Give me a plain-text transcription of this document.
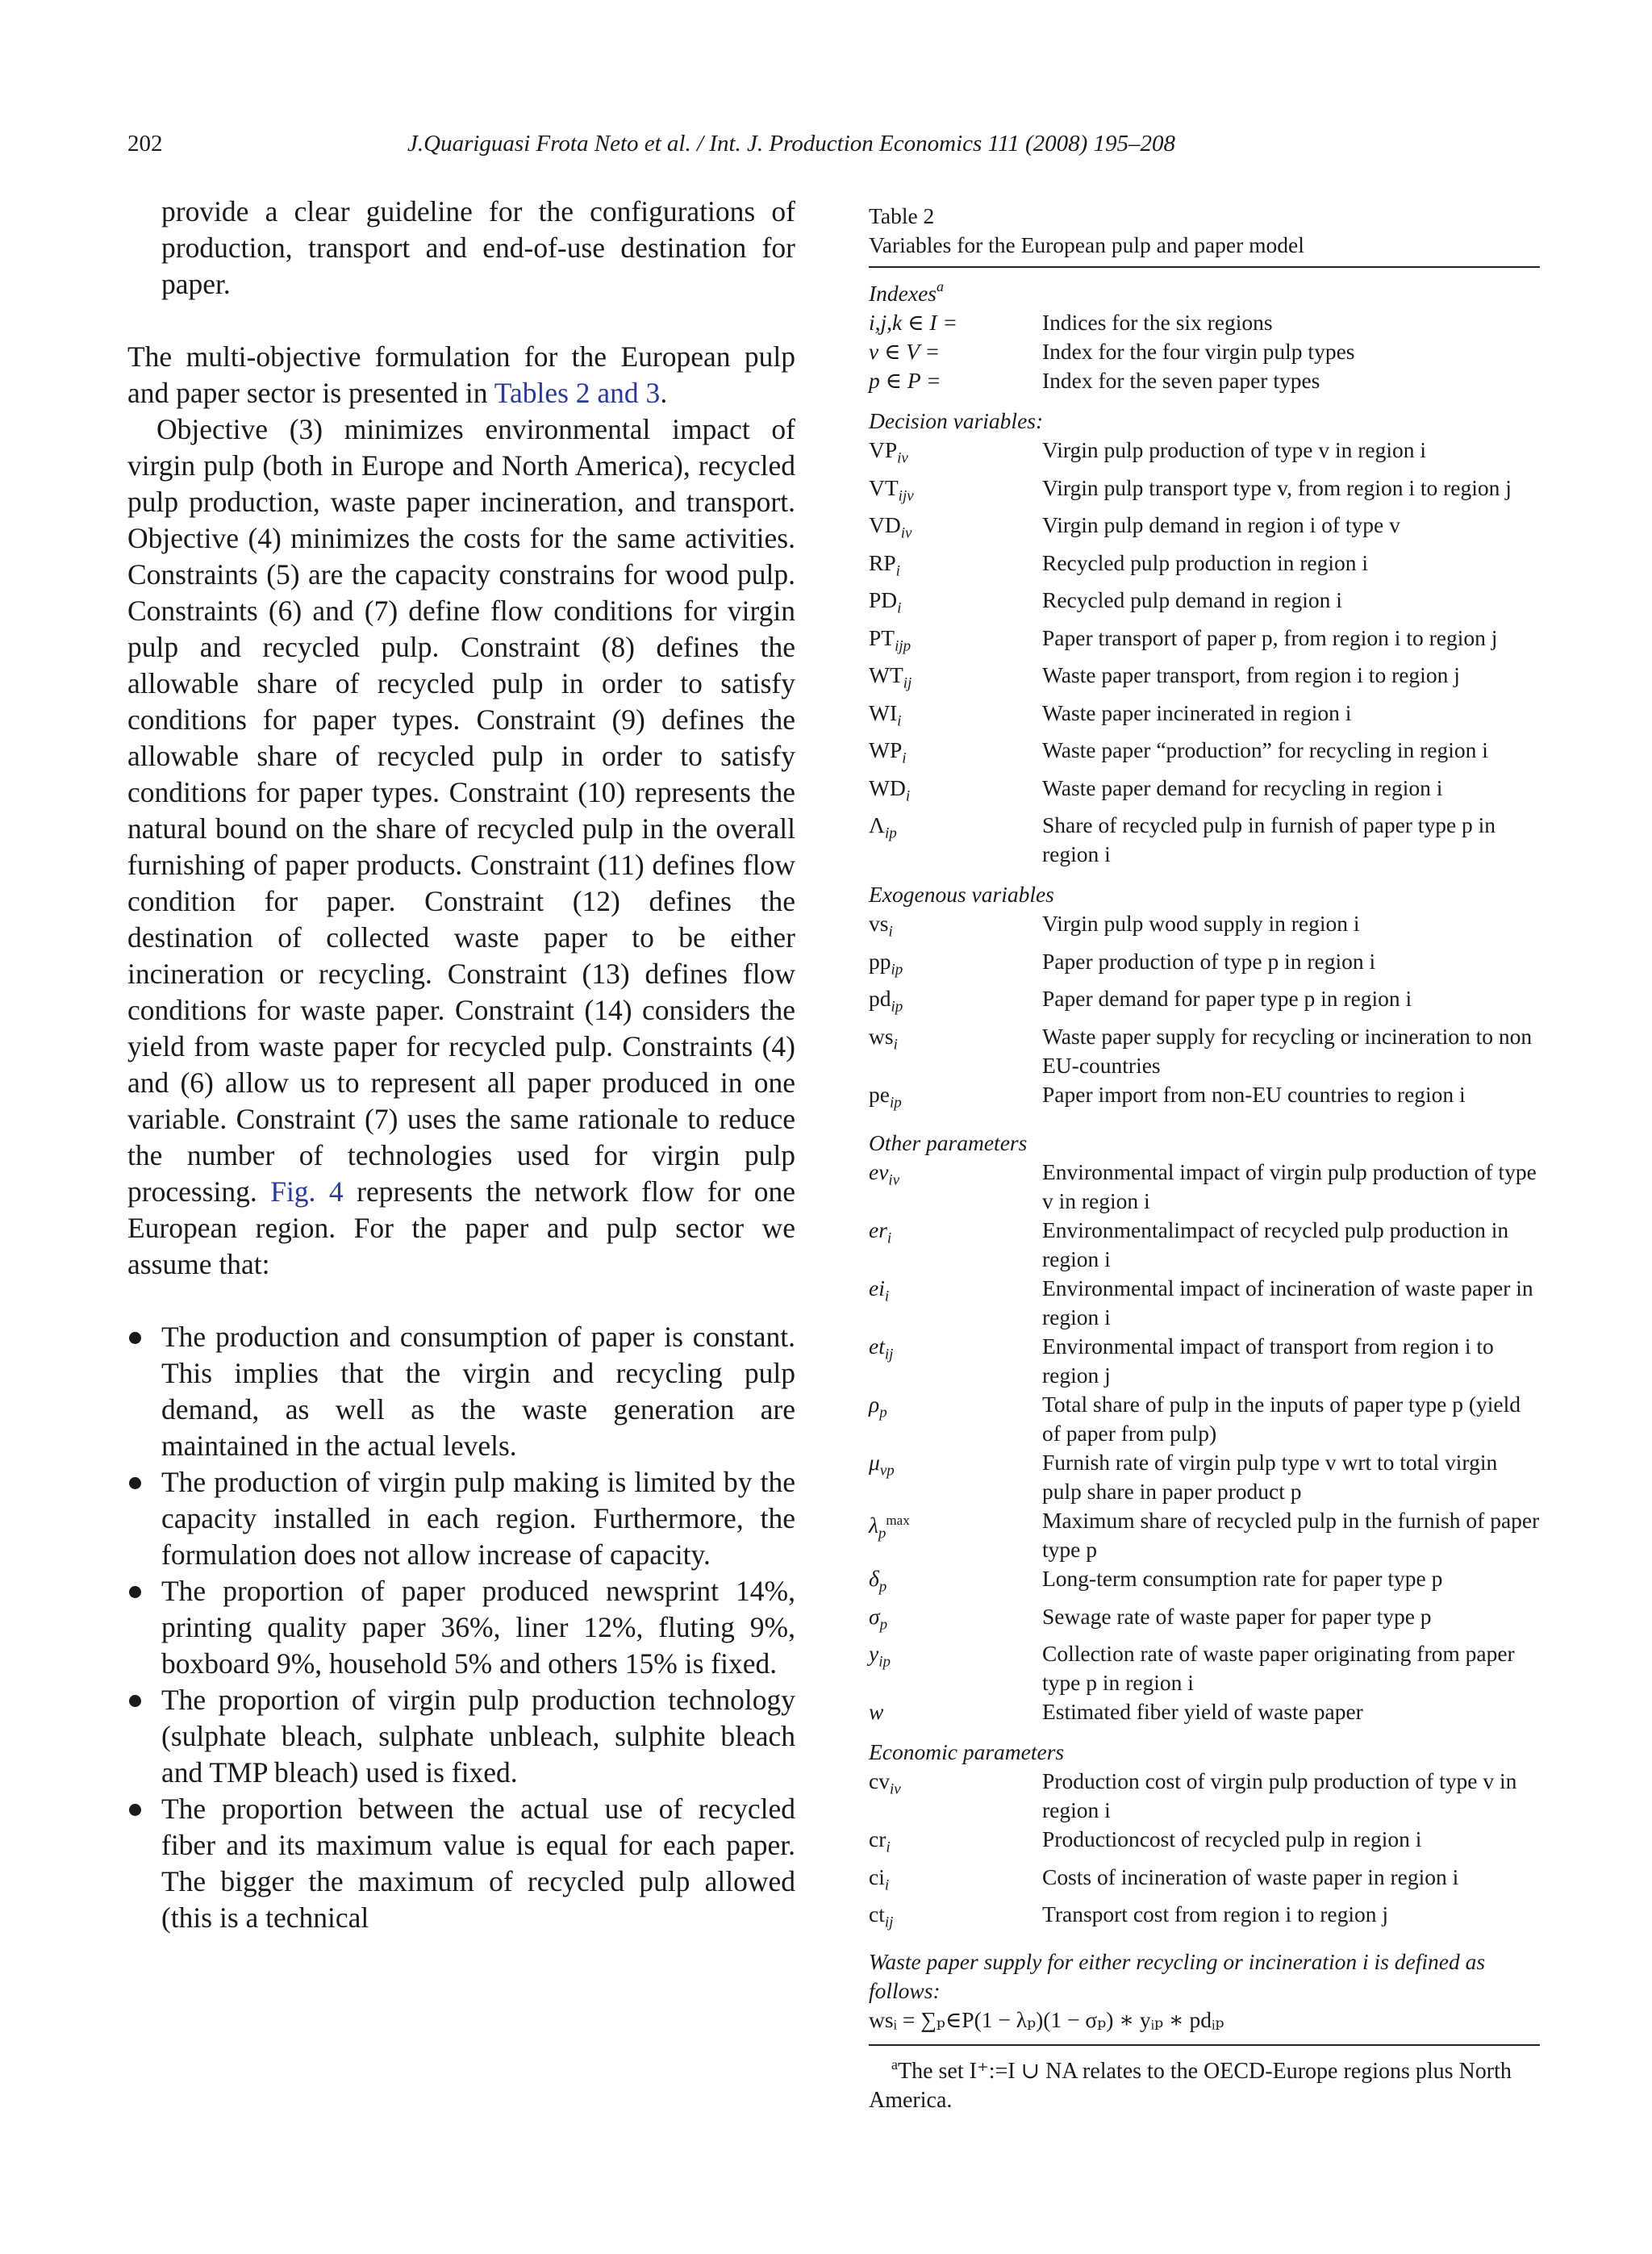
202	J.Quariguasi Frota Neto et al. / Int. J. Production Economics 111 (2008) 195–208

provide a clear guideline for the configurations of production, transport and end-of-use destination for paper.

The multi-objective formulation for the European pulp and paper sector is presented in Tables 2 and 3.

Objective (3) minimizes environmental impact of virgin pulp (both in Europe and North America), recycled pulp production, waste paper incineration, and transport. Objective (4) minimizes the costs for the same activities. Constraints (5) are the capacity constrains for wood pulp. Constraints (6) and (7) define flow conditions for virgin pulp and recycled pulp. Constraint (8) defines the allowable share of recycled pulp in order to satisfy conditions for paper types. Constraint (9) defines the allowable share of recycled pulp in order to satisfy conditions for paper types. Constraint (10) represents the natural bound on the share of recycled pulp in the overall furnishing of paper products. Constraint (11) defines flow condition for paper. Constraint (12) defines the destination of collected waste paper to be either incineration or recycling. Constraint (13) defines flow conditions for waste paper. Constraint (14) considers the yield from waste paper for recycled pulp. Constraints (4) and (6) allow us to represent all paper produced in one variable. Constraint (7) uses the same rationale to reduce the number of technologies used for virgin pulp processing. Fig. 4 represents the network flow for one European region. For the paper and pulp sector we assume that:

The production and consumption of paper is constant. This implies that the virgin and recycling pulp demand, as well as the waste generation are maintained in the actual levels.
The production of virgin pulp making is limited by the capacity installed in each region. Furthermore, the formulation does not allow increase of capacity.
The proportion of paper produced newsprint 14%, printing quality paper 36%, liner 12%, fluting 9%, boxboard 9%, household 5% and others 15% is fixed.
The proportion of virgin pulp production technology (sulphate bleach, sulphate unbleach, sulphite bleach and TMP bleach) used is fixed.
The proportion between the actual use of recycled fiber and its maximum value is equal for each paper. The bigger the maximum of recycled pulp allowed (this is a technical

Table 2

Variables for the European pulp and paper model

Indexes$^a$
i,j,k ∈ I =	Indices for the six regions
v ∈ V =	Index for the four virgin pulp types
p ∈ P =	Index for the seven paper types
Decision variables:
$VP_{iv}$	Virgin pulp production of type v in region i
$VT_{ijv}$	Virgin pulp transport type v, from region i to region j
$VD_{iv}$	Virgin pulp demand in region i of type v
$RP_i$	Recycled pulp production in region i
$PD_i$	Recycled pulp demand in region i
$PT_{ijp}$	Paper transport of paper p, from region i to region j
$WT_{ij}$	Waste paper transport, from region i to region j
$WI_i$	Waste paper incinerated in region i
$WP_i$	Waste paper “production” for recycling in region i
$WD_i$	Waste paper demand for recycling in region i
$\Lambda_{ip}$	Share of recycled pulp in furnish of paper type p in region i
Exogenous variables
$vs_i$	Virgin pulp wood supply in region i
$pp_{ip}$	Paper production of type p in region i
$pd_{ip}$	Paper demand for paper type p in region i
$ws_i$	Waste paper supply for recycling or incineration to non EU-countries
$pe_{ip}$	Paper import from non-EU countries to region i
Other parameters
$ev_{iv}$	Environmental impact of virgin pulp production of type v in region i
$er_i$	Environmentalimpact of recycled pulp production in region i
$ei_i$	Environmental impact of incineration of waste paper in region i
$et_{ij}$	Environmental impact of transport from region i to region j
$\rho_p$	Total share of pulp in the inputs of paper type p (yield of paper from pulp)
$\mu_{vp}$	Furnish rate of virgin pulp type v wrt to total virgin pulp share in paper product p
$\lambda_p^{max}$	Maximum share of recycled pulp in the furnish of paper type p
$\delta_p$	Long-term consumption rate for paper type p
$\sigma_p$	Sewage rate of waste paper for paper type p
$y_{ip}$	Collection rate of waste paper originating from paper type p in region i
w	Estimated fiber yield of waste paper
Economic parameters
$cv_{iv}$	Production cost of virgin pulp production of type v in region i
$cr_i$	Productioncost of recycled pulp in region i
$ci_i$	Costs of incineration of waste paper in region i
$ct_{ij}$	Transport cost from region i to region j
Waste paper supply for either recycling or incineration i is defined as follows:
wsᵢ = ∑ₚ∈P(1 − λₚ)(1 − σₚ) ∗ yᵢₚ ∗ pdᵢₚ
$^a$The set I⁺:=I ∪ NA relates to the OECD-Europe regions plus North America.
